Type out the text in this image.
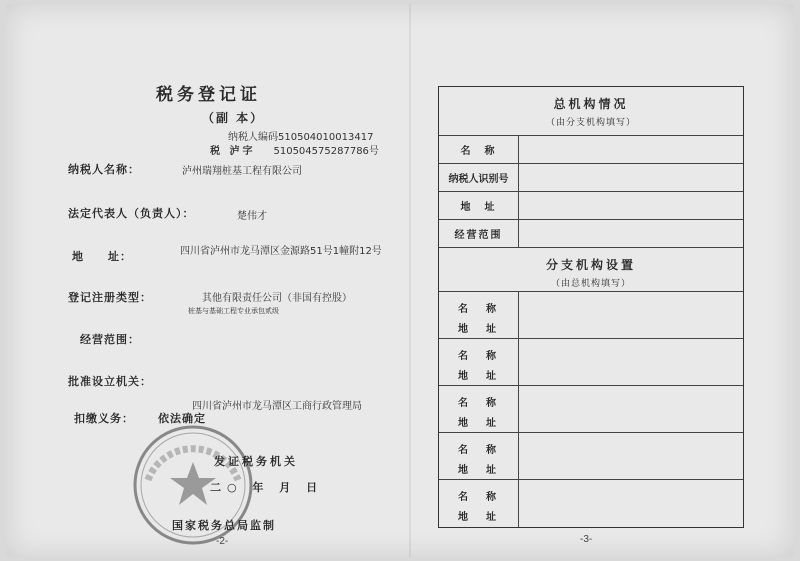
税务登记证
（副 本）
纳税人编码510504010013417
税 泸字 510504575287786号
纳税人名称：	泸州瑞翔桩基工程有限公司
法定代表人（负责人）：	楚伟才
地　　址：	四川省泸州市龙马潭区金源路51号1幢附12号
登记注册类型：	其他有限责任公司（非国有控股）
桩基与基础工程专业承包贰级
经营范围：
批准设立机关：
四川省泸州市龙马潭区工商行政管理局
扣缴义务： 依法确定
发证税务机关
二○ 年 月 日
国家税务总局监制
-2-
总机构情况
（由分支机构填写）
名　称
纳税人识别号
地　址
经营范围
分支机构设置
（由总机构填写）
名　称
地　址
名　称
地　址
名　称
地　址
名　称
地　址
名　称
地　址
-3-
